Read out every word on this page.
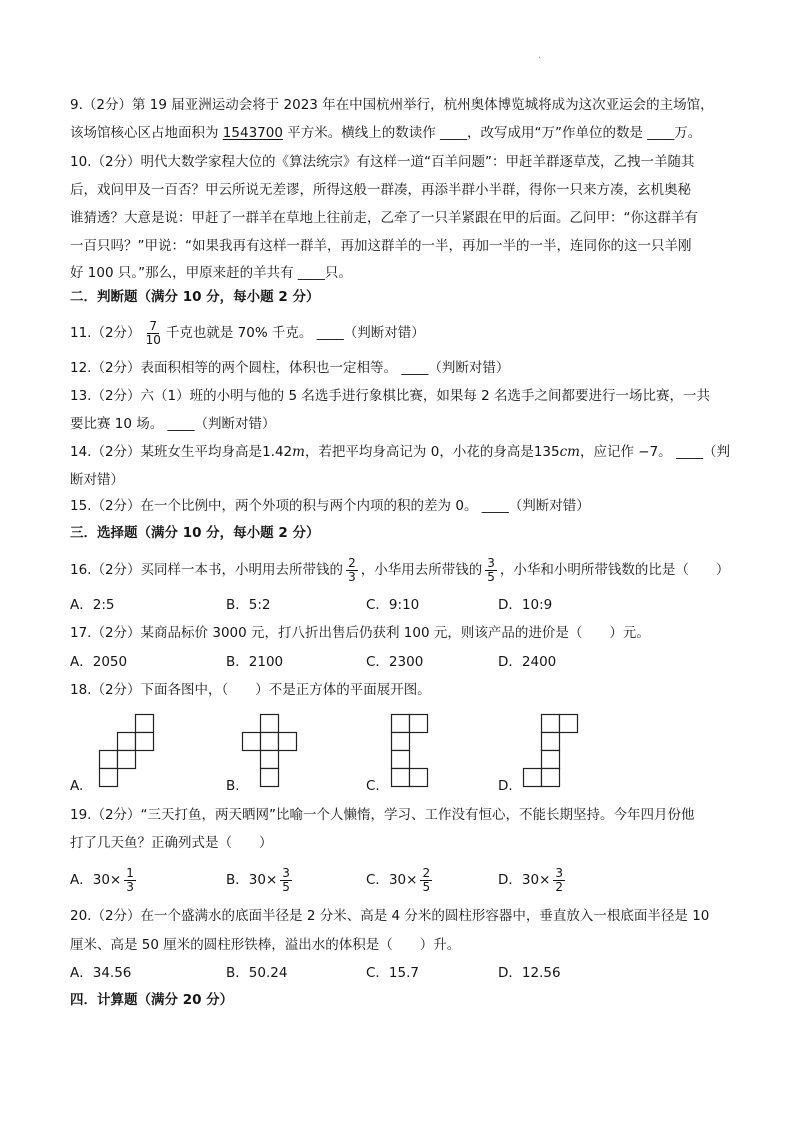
.
9.（2分）第 19 届亚洲运动会将于 2023 年在中国杭州举行，杭州奥体博览城将成为这次亚运会的主场馆，
该场馆核心区占地面积为 1543700 平方米。横线上的数读作 ____，改写成用“万”作单位的数是 ____万。
10.（2分）明代大数学家程大位的《算法统宗》有这样一道“百羊问题”：甲赶羊群逐草茂，乙拽一羊随其
后，戏问甲及一百否？甲云所说无差谬，所得这般一群凑，再添半群小半群，得你一只来方凑，玄机奥秘
谁猜透？大意是说：甲赶了一群羊在草地上往前走，乙牵了一只羊紧跟在甲的后面。乙问甲：“你这群羊有
一百只吗？”甲说：“如果我再有这样一群羊，再加这群羊的一半，再加一半的一半，连同你的这一只羊刚
好 100 只。”那么，甲原来赶的羊共有 ____只。
二．判断题（满分 10 分，每小题 2 分）
11.（2分） $\frac{7}{10}$ 千克也就是 70% 千克。 ____（判断对错）
12.（2分）表面积相等的两个圆柱，体积也一定相等。 ____（判断对错）
13.（2分）六（1）班的小明与他的 5 名选手进行象棋比赛，如果每 2 名选手之间都要进行一场比赛，一共
要比赛 10 场。 ____（判断对错）
14.（2分）某班女生平均身高是1.42m，若把平均身高记为 0，小花的身高是135cm，应记作 −7。 ____（判
断对错）
15.（2分）在一个比例中，两个外项的积与两个内项的积的差为 0。 ____（判断对错）
三．选择题（满分 10 分，每小题 2 分）
16.（2分）买同样一本书，小明用去所带钱的 $\frac{2}{3}$ ，小华用去所带钱的 $\frac{3}{5}$ ，小华和小明所带钱数的比是（　　）
A．2:5	B．5:2	C．9:10	D．10:9
17.（2分）某商品标价 3000 元，打八折出售后仍获利 100 元，则该产品的进价是（　　）元。
A．2050	B．2100	C．2300	D．2400
18.（2分）下面各图中，（　　）不是正方体的平面展开图。
A.	B.	C.	D.
19.（2分）“三天打鱼，两天晒网”比喻一个人懒惰，学习、工作没有恒心，不能长期坚持。今年四月份他
打了几天鱼？正确列式是（　　）
A．$30\times \frac{1}{3}$	B．$30\times \frac{3}{5}$	C．$30\times \frac{2}{5}$	D．$30\times \frac{3}{2}$
20.（2分）在一个盛满水的底面半径是 2 分米、高是 4 分米的圆柱形容器中，垂直放入一根底面半径是 10
厘米、高是 50 厘米的圆柱形铁棒，溢出水的体积是（　　）升。
A．34.56	B．50.24	C．15.7	D．12.56
四．计算题（满分 20 分）
